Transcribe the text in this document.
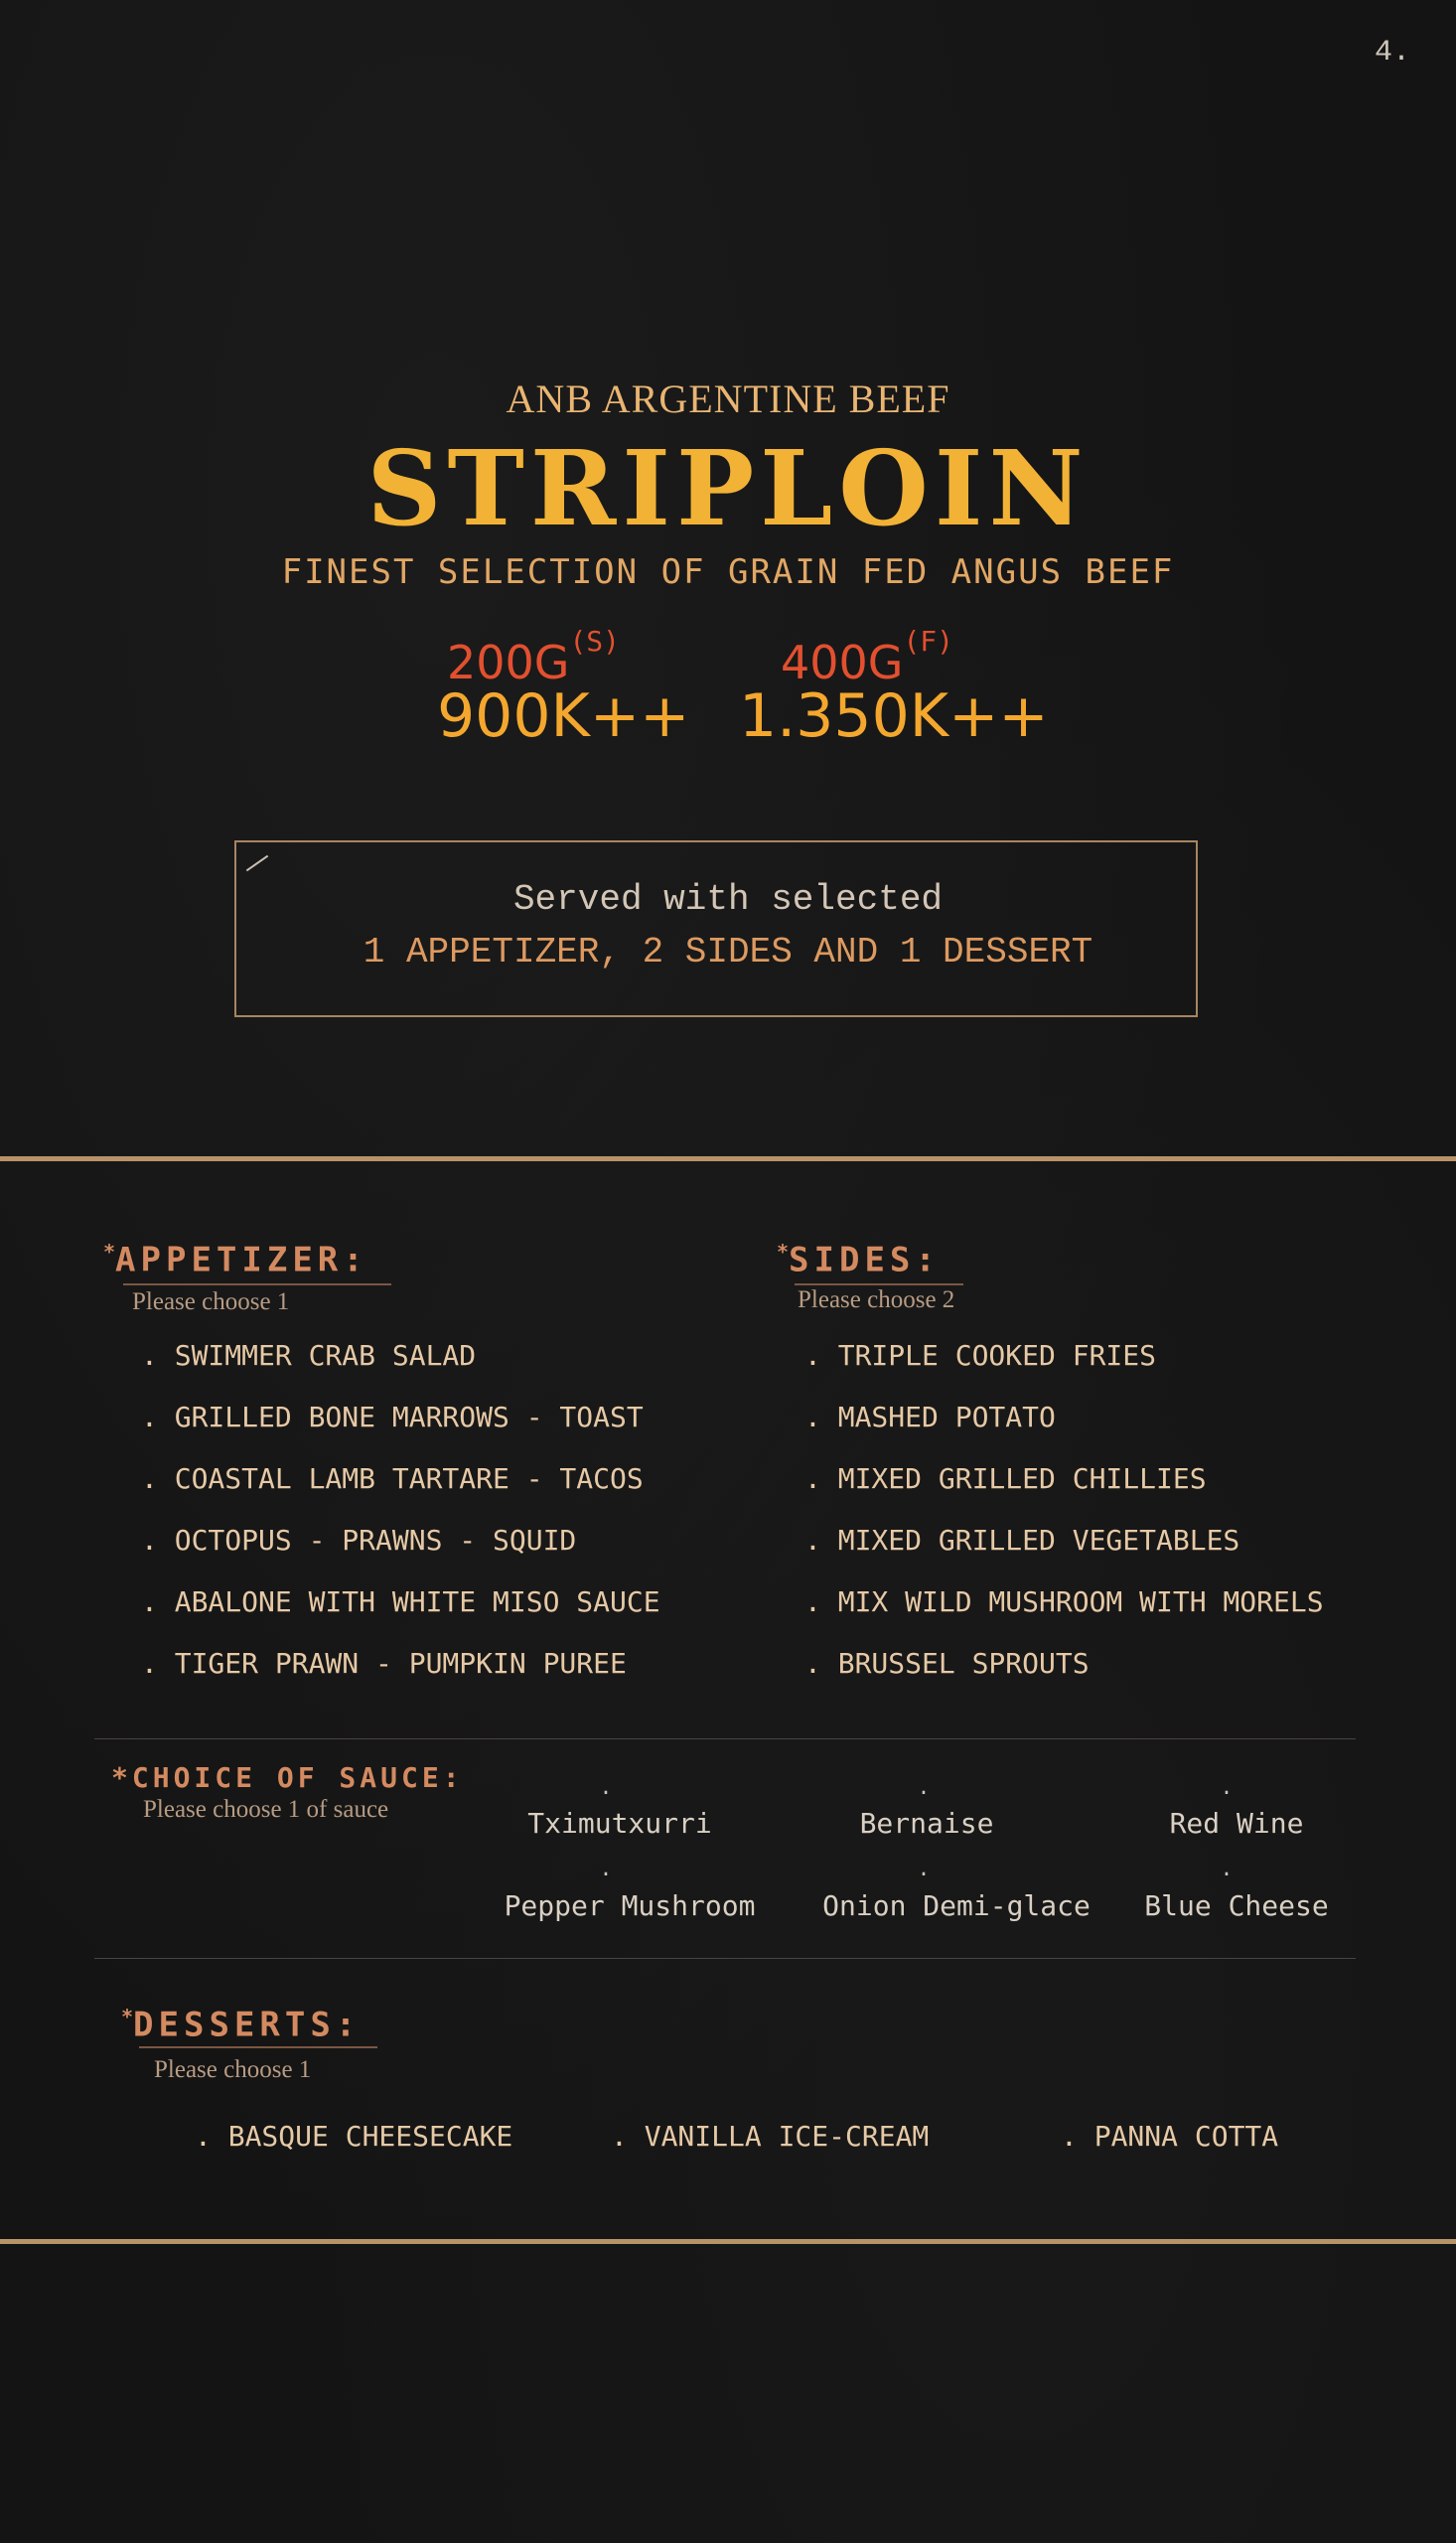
4.
ANB ARGENTINE BEEF
STRIPLOIN
FINEST SELECTION OF GRAIN FED ANGUS BEEF
200G(S)
900K++
400G(F)
1.350K++
Served with selected
1 APPETIZER, 2 SIDES AND 1 DESSERT
*APPETIZER:
Please choose 1
. SWIMMER CRAB SALAD
. GRILLED BONE MARROWS - TOAST
. COASTAL LAMB TARTARE - TACOS
. OCTOPUS - PRAWNS - SQUID
. ABALONE WITH WHITE MISO SAUCE
. TIGER PRAWN - PUMPKIN PUREE
*SIDES:
Please choose 2
. TRIPLE COOKED FRIES
. MASHED POTATO
. MIXED GRILLED CHILLIES
. MIXED GRILLED VEGETABLES
. MIX WILD MUSHROOM WITH MORELS
. BRUSSEL SPROUTS
*CHOICE OF SAUCE:
Please choose 1 of sauce
.	.	.
Tximutxurri	Bernaise	Red Wine
.	.	.
Pepper Mushroom	Onion Demi-glace	Blue Cheese
*DESSERTS:
Please choose 1
. BASQUE CHEESECAKE	. VANILLA ICE-CREAM	. PANNA COTTA
